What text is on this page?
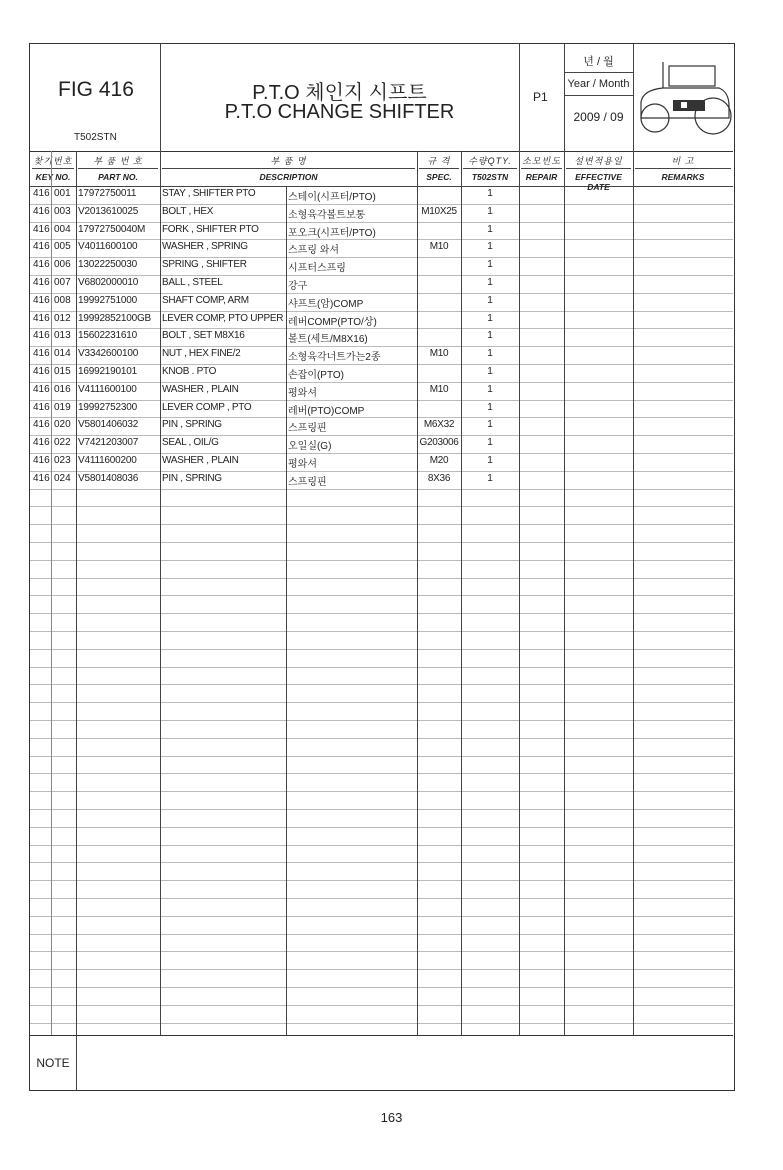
FIG 416
T502STN
P.T.O 체인지 시프트
P.T.O CHANGE SHIFTER
P1
년 / 월
Year / Month
2009 / 09
찾기번호
KEY NO.
부 품 번 호
PART NO.
부 품 명
DESCRIPTION
규 격
SPEC.
수량QTY.
T502STN
소모빈도
REPAIR
설변적용일
EFFECTIVE DATE
비 고
REMARKS
416 001 17972750011	STAY , SHIFTER PTO	스테이(시프터/PTO)	1
416 003 V2013610025	BOLT , HEX	소형육각볼트보통	M10X25	1
416 004 17972750040M	FORK , SHIFTER PTO	포오크(시프터/PTO)	1
416 005 V4011600100	WASHER , SPRING	스프링 와셔	M10	1
416 006 13022250030	SPRING , SHIFTER	시프터스프링	1
416 007 V6802000010	BALL , STEEL	강구	1
416 008 19992751000	SHAFT COMP, ARM	샤프트(암)COMP	1
416 012 19992852100GB	LEVER COMP, PTO UPPER 레버COMP(PTO/상)	1
416 013 15602231610	BOLT , SET M8X16	볼트(세트/M8X16)	1
416 014 V3342600100	NUT , HEX FINE/2	소형육각너트가는2종	M10	1
416 015 16992190101	KNOB . PTO	손잡이(PTO)	1
416 016 V4111600100	WASHER , PLAIN	평와셔	M10	1
416 019 19992752300	LEVER COMP , PTO	레버(PTO)COMP	1
416 020 V5801406032	PIN , SPRING	스프링핀	M6X32	1
416 022 V7421203007	SEAL , OIL/G	오일실(G)	G203006	1
416 023 V4111600200	WASHER , PLAIN	평와셔	M20	1
416 024 V5801408036	PIN , SPRING	스프링핀	8X36	1
NOTE
163
